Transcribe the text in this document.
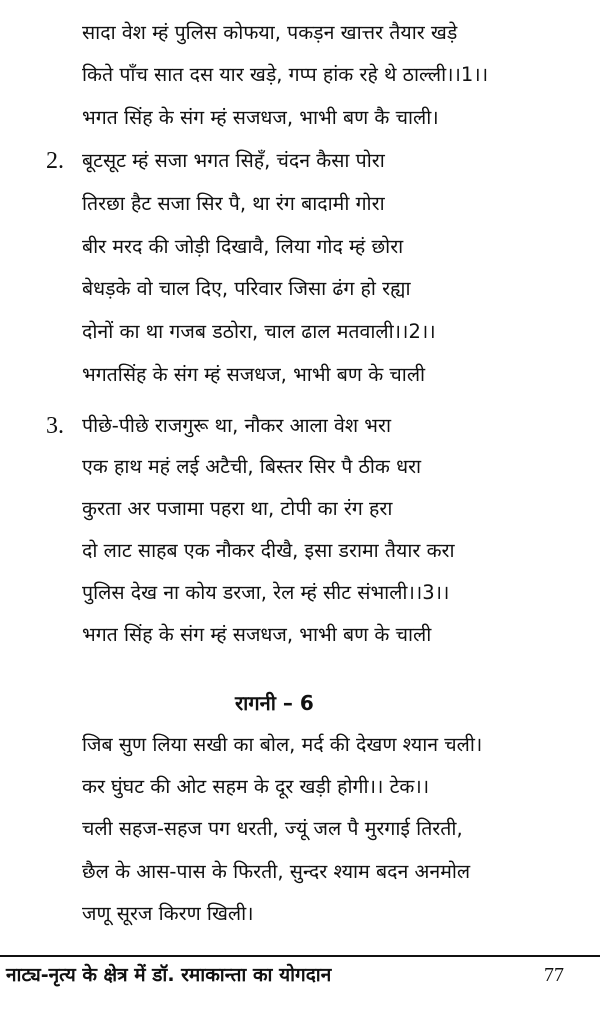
सादा वेश म्हं पुलिस कोफया, पकड़न खात्तर तैयार खड़े
किते पाँच सात दस यार खड़े, गप्प हांक रहे थे ठाल्ली।।1।।
भगत सिंह के संग म्हं सजधज, भाभी बण कै चाली।
2. बूटसूट म्हं सजा भगत सिहँ, चंदन कैसा पोरा
तिरछा हैट सजा सिर पै, था रंग बादामी गोरा
बीर मरद की जोड़ी दिखावै, लिया गोद म्हं छोरा
बेधड़के वो चाल दिए, परिवार जिसा ढंग हो रह्या
दोनों का था गजब डठोरा, चाल ढाल मतवाली।।2।।
भगतसिंह के संग म्हं सजधज, भाभी बण के चाली
3. पीछे-पीछे राजगुरू था, नौकर आला वेश भरा
एक हाथ महं लई अटैची, बिस्तर सिर पै ठीक धरा
कुरता अर पजामा पहरा था, टोपी का रंग हरा
दो लाट साहब एक नौकर दीखै, इसा डरामा तैयार करा
पुलिस देख ना कोय डरजा, रेल म्हं सीट संभाली।।3।।
भगत सिंह के संग म्हं सजधज, भाभी बण के चाली
रागनी – 6
जिब सुण लिया सखी का बोल, मर्द की देखण श्यान चली।
कर घुंघट की ओट सहम के दूर खड़ी होगी।। टेक।।
चली सहज-सहज पग धरती, ज्यूं जल पै मुरगाई तिरती,
छैल के आस-पास के फिरती, सुन्दर श्याम बदन अनमोल
जणू सूरज किरण खिली।
नाट्य-नृत्य के क्षेत्र में डॉ. रमाकान्ता का योगदान	77
